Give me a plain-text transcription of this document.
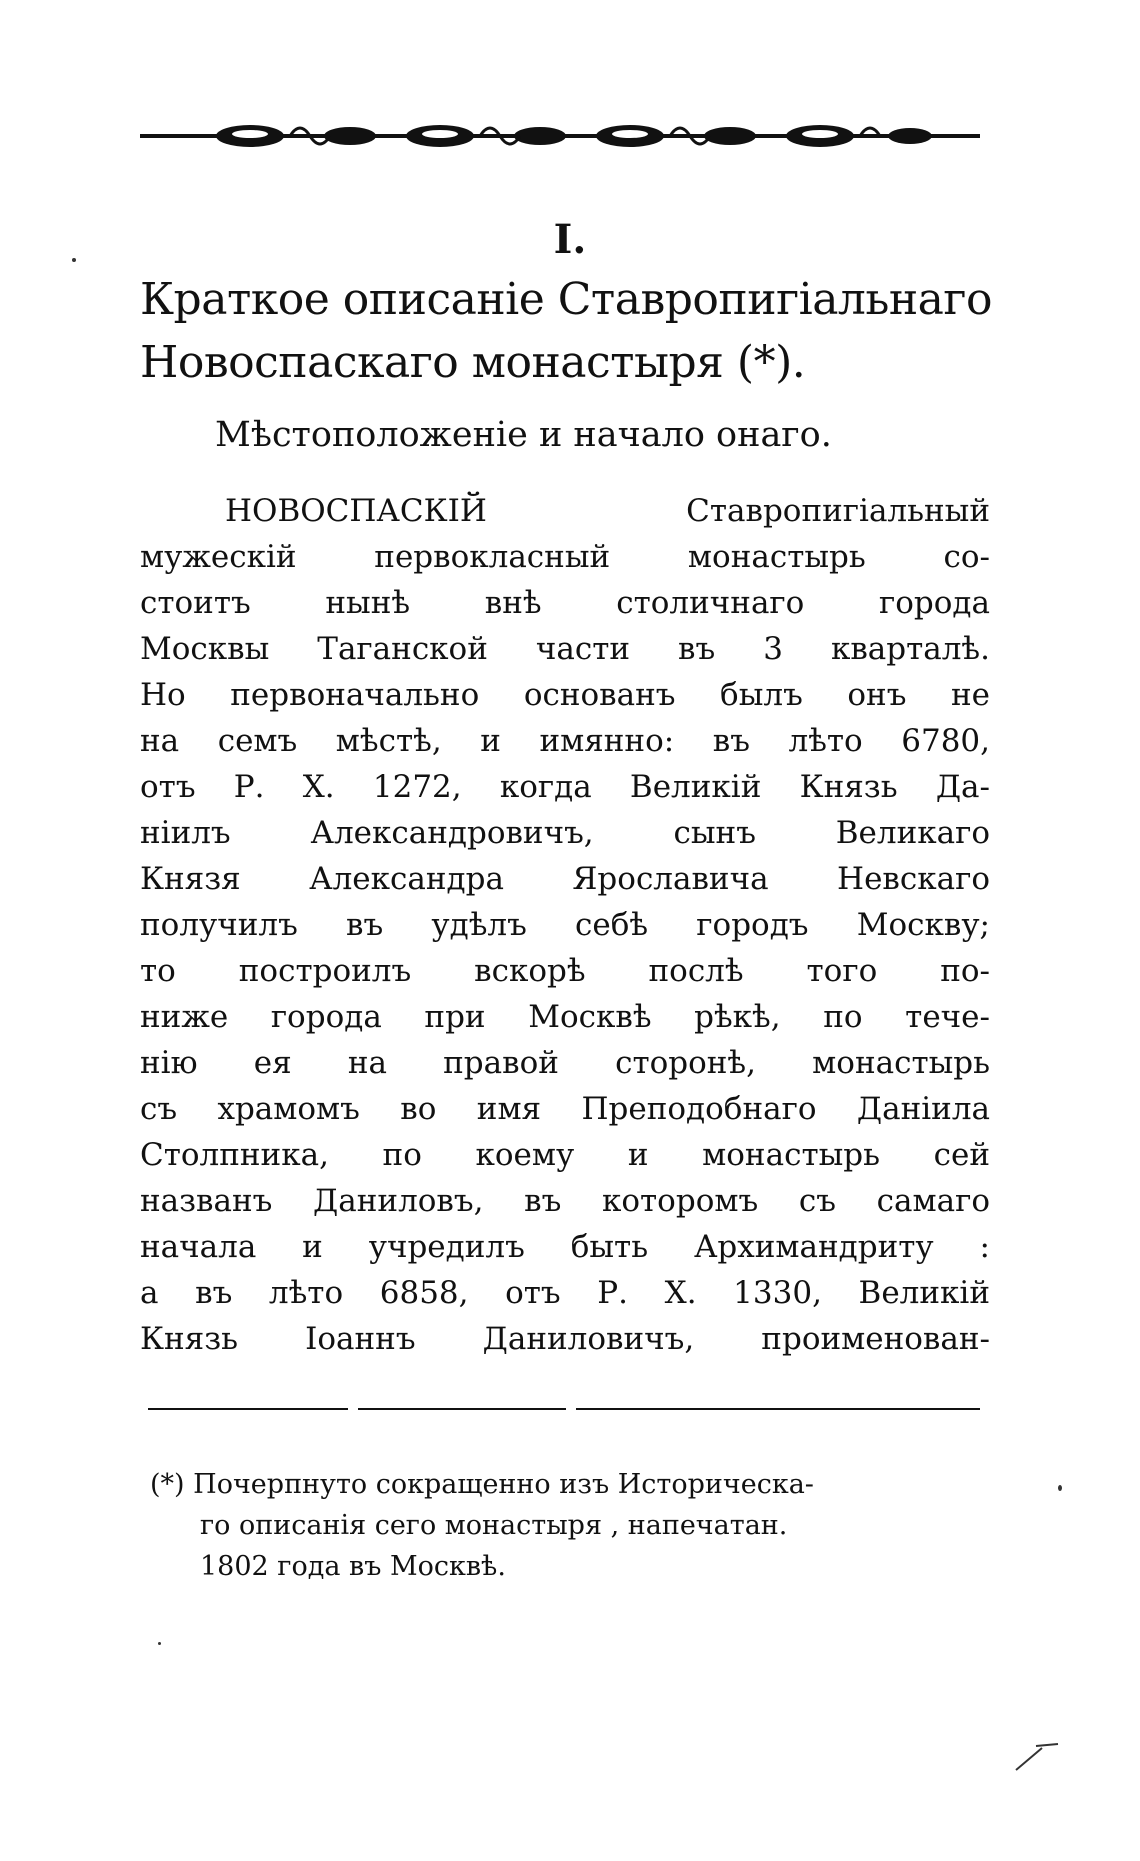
I.
Краткое описанiе Ставропигiальнаго
Новоспаскаго монастыря (*).
Мѣстоположенiе и начало онаго.
НОВОСПАСКIЙ Ставропигiальный
мужескiй первокласный монастырь со-
стоитъ нынѣ внѣ столичнаго города
Москвы Таганской части въ 3 кварталѣ.
Но первоначально основанъ былъ онъ не
на семъ мѣстѣ, и имянно: въ лѣто 6780,
отъ Р. Х. 1272, когда Великiй Князь Да-
нiилъ Александровичъ, сынъ Великаго
Князя Александра Ярославича Невскаго
получилъ въ удѣлъ себѣ городъ Москву;
то построилъ вскорѣ послѣ того по-
ниже города при Москвѣ рѣкѣ, по тече-
нiю ея на правой сторонѣ, монастырь
съ храмомъ во имя Преподобнаго Данiила
Столпника, по коему и монастырь сей
названъ Даниловъ, въ которомъ съ самаго
начала и учредилъ быть Архимандриту :
а въ лѣто 6858, отъ Р. Х. 1330, Великiй
Князь Iоаннъ Даниловичъ, проименован-
(*) Почерпнуто сокращенно изъ Историческа-
го описанiя сего монастыря , напечатан.
1802 года въ Москвѣ.
